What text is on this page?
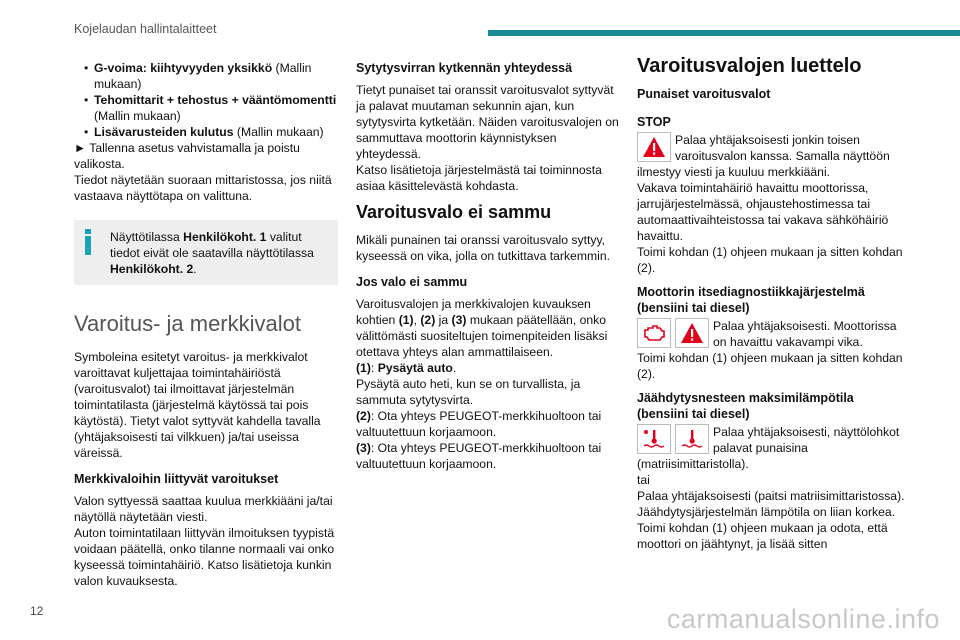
Kojelaudan hallintalaitteet
• G-voima: kiihtyvyyden yksikkö (Mallin mukaan)
• Tehomittarit + tehostus + vääntömomentti (Mallin mukaan)
• Lisävarusteiden kulutus (Mallin mukaan)

► Tallenna asetus vahvistamalla ja poistu valikosta.

Tiedot näytetään suoraan mittaristossa, jos niitä vastaava näyttötapa on valittuna.

Näyttötilassa Henkilökoht. 1 valitut tiedot eivät ole saatavilla näyttötilassa Henkilökoht. 2.
Varoitus- ja merkkivalot

Symboleina esitetyt varoitus- ja merkkivalot varoittavat kuljettajaa toimintahäiriöstä (varoitusvalot) tai ilmoittavat järjestelmän toimintatilasta (järjestelmä käytössä tai pois käytöstä). Tietyt valot syttyvät kahdella tavalla (yhtäjaksoisesti tai vilkkuen) ja/tai useissa väreissä.

Merkkivaloihin liittyvät varoitukset

Valon syttyessä saattaa kuulua merkkiääni ja/tai näytöllä näytetään viesti.

Auton toimintatilaan liittyvän ilmoituksen tyypistä voidaan päätellä, onko tilanne normaali vai onko kyseessä toimintahäiriö. Katso lisätietoja kunkin valon kuvauksesta.

Sytytysvirran kytkennän yhteydessä

Tietyt punaiset tai oranssit varoitusvalot syttyvät ja palavat muutaman sekunnin ajan, kun sytytysvirta kytketään. Näiden varoitusvalojen on sammuttava moottorin käynnistyksen yhteydessä.

Katso lisätietoja järjestelmästä tai toiminnosta asiaa käsittelevästä kohdasta.

Varoitusvalo ei sammu

Mikäli punainen tai oranssi varoitusvalo syttyy, kyseessä on vika, jolla on tutkittava tarkemmin.

Jos valo ei sammu

Varoitusvalojen ja merkkivalojen kuvauksen kohtien (1), (2) ja (3) mukaan päätellään, onko välittömästi suositeltujen toimenpiteiden lisäksi otettava yhteys alan ammattilaiseen.

(1): Pysäytä auto.

Pysäytä auto heti, kun se on turvallista, ja sammuta sytytysvirta.

(2): Ota yhteys PEUGEOT-merkkihuoltoon tai valtuutettuun korjaamoon.

(3): Ota yhteys PEUGEOT-merkkihuoltoon tai valtuutettuun korjaamoon.

Varoitusvalojen luettelo
Punaiset varoitusvalot
STOP
Palaa yhtäjaksoisesti jonkin toisen varoitusvalon kanssa. Samalla näyttöön ilmestyy viesti ja kuuluu merkkiääni.

Vakava toimintahäiriö havaittu moottorissa, jarrujärjestelmässä, ohjaustehostimessa tai automaattivaihteistossa tai vakava sähköhäiriö havaittu.

Toimi kohdan (1) ohjeen mukaan ja sitten kohdan (2).

Moottorin itsediagnostiikkajärjestelmä (bensiini tai diesel)
Palaa yhtäjaksoisesti. Moottorissa on havaittu vakavampi vika.

Toimi kohdan (1) ohjeen mukaan ja sitten kohdan (2).

Jäähdytysnesteen maksimilämpötila (bensiini tai diesel)
Palaa yhtäjaksoisesti, näyttölohkot palavat punaisina (matriisimittaristolla).

tai

Palaa yhtäjaksoisesti (paitsi matriisimittaristossa).

Jäähdytysjärjestelmän lämpötila on liian korkea.

Toimi kohdan (1) ohjeen mukaan ja odota, että moottori on jäähtynyt, ja lisää sitten

12	carmanualsonline.info
